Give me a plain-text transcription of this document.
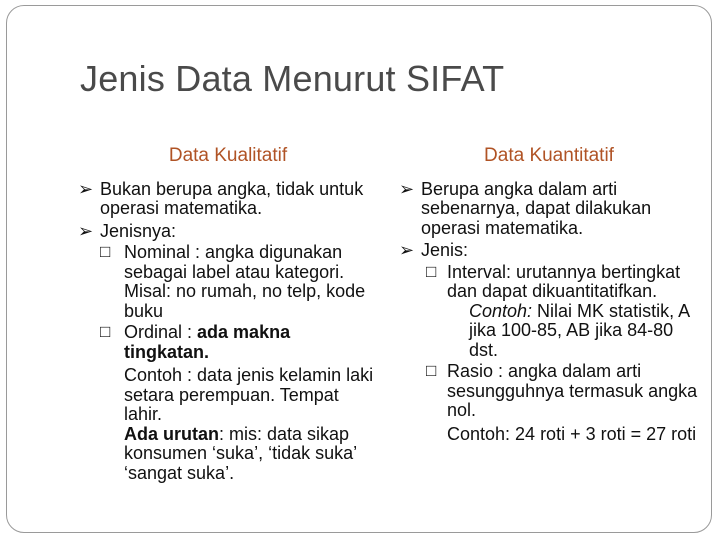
Jenis Data Menurut SIFAT
Data Kualitatif
➢ Bukan berupa angka, tidak untuk operasi matematika.
➢ Jenisnya:
□ Nominal : angka digunakan sebagai label atau kategori. Misal: no rumah, no telp, kode buku
□ Ordinal : ada makna tingkatan.
Contoh : data jenis kelamin laki setara perempuan. Tempat lahir.
Ada urutan: mis: data sikap konsumen ‘suka’, ‘tidak suka’ ‘sangat suka’.
Data Kuantitatif
➢ Berupa angka dalam arti sebenarnya, dapat dilakukan operasi matematika.
➢ Jenis:
□ Interval: urutannya bertingkat dan dapat dikuantitatifkan.
Contoh: Nilai MK statistik, A jika 100-85, AB jika 84-80 dst.
□ Rasio : angka dalam arti sesungguhnya termasuk angka nol.
Contoh: 24 roti + 3 roti = 27 roti
